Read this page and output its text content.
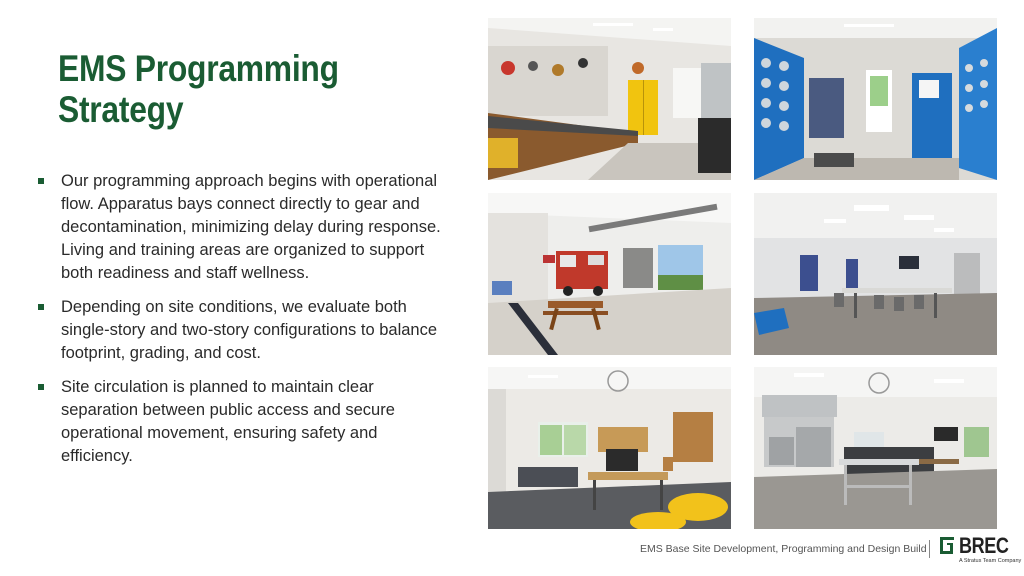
EMS Programming
Strategy
Our programming approach begins with operational flow. Apparatus bays connect directly to gear and decontamination, minimizing delay during response. Living and training areas are organized to support both readiness and staff wellness.
Depending on site conditions, we evaluate both single-story and two-story configurations to balance footprint, grading, and cost.
Site circulation is planned to maintain clear separation between public access and secure operational movement, ensuring safety and efficiency.
EMS Base Site Development, Programming and Design Build BREC
A Stratus Team Company
